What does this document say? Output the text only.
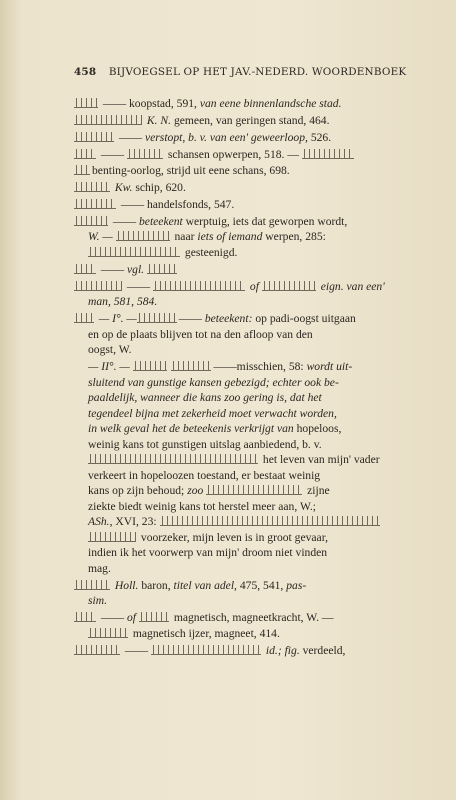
458 BIJVOEGSEL OP HET JAV.-NEDERD. WOORDENBOEK
—— koopstad, 591, van eene binnenlandsche stad.
K. N. gemeen, van geringen stand, 464.
—— verstopt, b. v. van een' geweerloop, 526.
——	schansen opwerpen, 518. —
benting-oorlog, strijd uit eene schans, 698.
Kw. schip, 620.
—— handelsfonds, 547.
—— beteekent werptuig, iets dat geworpen wordt,
W. —	naar iets of iemand werpen, 285:
gesteenigd.
—— vgl.
——	of	eign. van een'
man, 581, 584.
— I°. —	—— beteekent: op padi-oogst uitgaan
en op de plaats blijven tot na den afloop van den
oogst, W.
— II°. —	——misschien, 58: wordt uit-
sluitend van gunstige kansen gebezigd; echter ook be-
paaldelijk, wanneer die kans zoo gering is, dat het
tegendeel bijna met zekerheid moet verwacht worden,
in welk geval het de beteekenis verkrijgt van hopeloos,
weinig kans tot gunstigen uitslag aanbiedend, b. v.
het leven van mijn' vader
verkeert in hopeloozen toestand, er bestaat weinig
kans op zijn behoud; zoo	zijne
ziekte biedt weinig kans tot herstel meer aan, W.;
ASh., XVI, 23:
voorzeker, mijn leven is in groot gevaar,
indien ik het voorwerp van mijn' droom niet vinden
mag.
Holl. baron, titel van adel, 475, 541, pas-
sim.
—— of	magnetisch, magneetkracht, W. —
magnetisch ijzer, magneet, 414.
——	id.; fig. verdeeld,
